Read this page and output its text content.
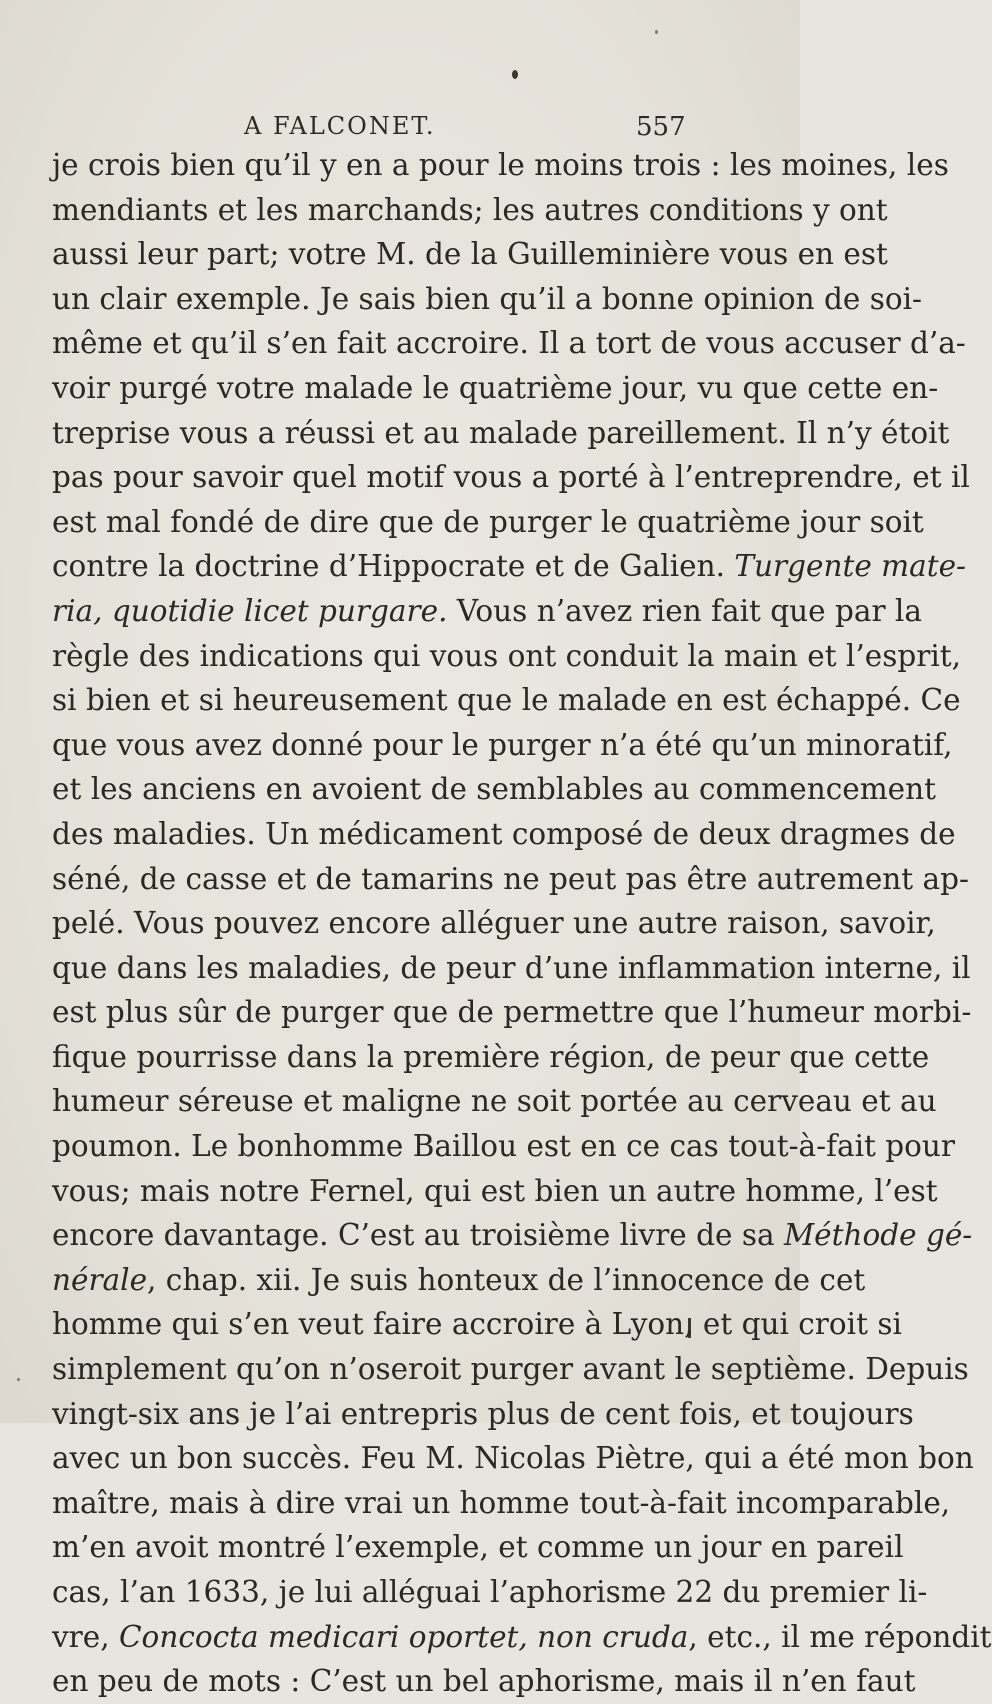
A FALCONET.	557
je crois bien qu’il y en a pour le moins trois : les moines, les
mendiants et les marchands; les autres conditions y ont
aussi leur part; votre M. de la Guilleminière vous en est
un clair exemple. Je sais bien qu’il a bonne opinion de soi-
même et qu’il s’en fait accroire. Il a tort de vous accuser d’a-
voir purgé votre malade le quatrième jour, vu que cette en-
treprise vous a réussi et au malade pareillement. Il n’y étoit
pas pour savoir quel motif vous a porté à l’entreprendre, et il
est mal fondé de dire que de purger le quatrième jour soit
contre la doctrine d’Hippocrate et de Galien. Turgente mate-
ria, quotidie licet purgare. Vous n’avez rien fait que par la
règle des indications qui vous ont conduit la main et l’esprit,
si bien et si heureusement que le malade en est échappé. Ce
que vous avez donné pour le purger n’a été qu’un minoratif,
et les anciens en avoient de semblables au commencement
des maladies. Un médicament composé de deux dragmes de
séné, de casse et de tamarins ne peut pas être autrement ap-
pelé. Vous pouvez encore alléguer une autre raison, savoir,
que dans les maladies, de peur d’une inflammation interne, il
est plus sûr de purger que de permettre que l’humeur morbi-
fique pourrisse dans la première région, de peur que cette
humeur séreuse et maligne ne soit portée au cerveau et au
poumon. Le bonhomme Baillou est en ce cas tout-à-fait pour
vous; mais notre Fernel, qui est bien un autre homme, l’est
encore davantage. C’est au troisième livre de sa Méthode gé-
nérale, chap. xii. Je suis honteux de l’innocence de cet
homme qui s’en veut faire accroire à Lyon, et qui croit si
simplement qu’on n’oseroit purger avant le septième. Depuis
vingt-six ans je l’ai entrepris plus de cent fois, et toujours
avec un bon succès. Feu M. Nicolas Piètre, qui a été mon bon
maître, mais à dire vrai un homme tout-à-fait incomparable,
m’en avoit montré l’exemple, et comme un jour en pareil
cas, l’an 1633, je lui alléguai l’aphorisme 22 du premier li-
vre, Concocta medicari oportet, non cruda, etc., il me répondit
en peu de mots : C’est un bel aphorisme, mais il n’en faut
